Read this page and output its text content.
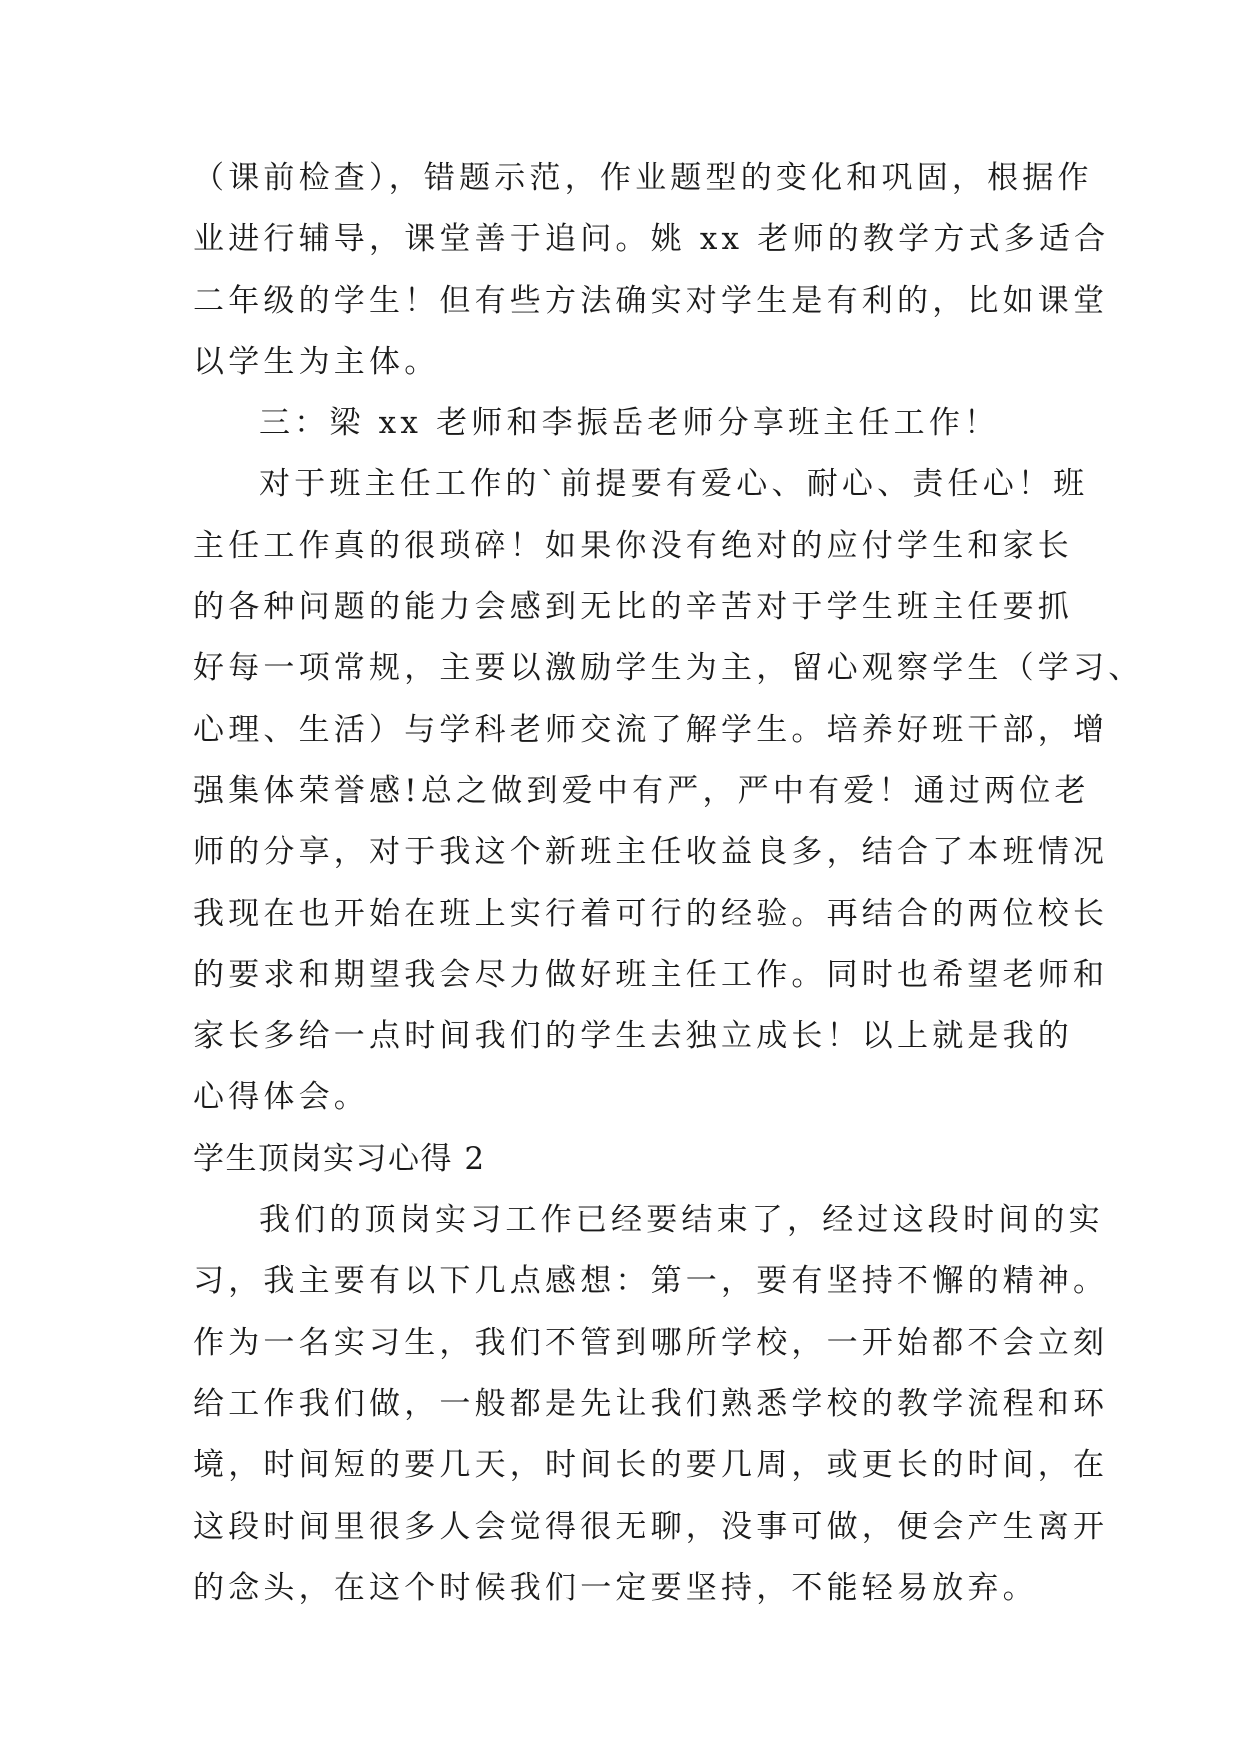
（课前检查），错题示范，作业题型的变化和巩固，根据作
业进行辅导，课堂善于追问。姚 xx 老师的教学方式多适合
二年级的学生！但有些方法确实对学生是有利的，比如课堂
以学生为主体。
三：梁 xx 老师和李振岳老师分享班主任工作！
对于班主任工作的`前提要有爱心、耐心、责任心！班
主任工作真的很琐碎！如果你没有绝对的应付学生和家长
的各种问题的能力会感到无比的辛苦对于学生班主任要抓
好每一项常规，主要以激励学生为主，留心观察学生（学习、
心理、生活）与学科老师交流了解学生。培养好班干部，增
强集体荣誉感!总之做到爱中有严，严中有爱！通过两位老
师的分享，对于我这个新班主任收益良多，结合了本班情况
我现在也开始在班上实行着可行的经验。再结合的两位校长
的要求和期望我会尽力做好班主任工作。同时也希望老师和
家长多给一点时间我们的学生去独立成长！以上就是我的
心得体会。
学生顶岗实习心得 2
我们的顶岗实习工作已经要结束了，经过这段时间的实
习，我主要有以下几点感想：第一，要有坚持不懈的精神。
作为一名实习生，我们不管到哪所学校，一开始都不会立刻
给工作我们做，一般都是先让我们熟悉学校的教学流程和环
境，时间短的要几天，时间长的要几周，或更长的时间，在
这段时间里很多人会觉得很无聊，没事可做，便会产生离开
的念头，在这个时候我们一定要坚持，不能轻易放弃。
